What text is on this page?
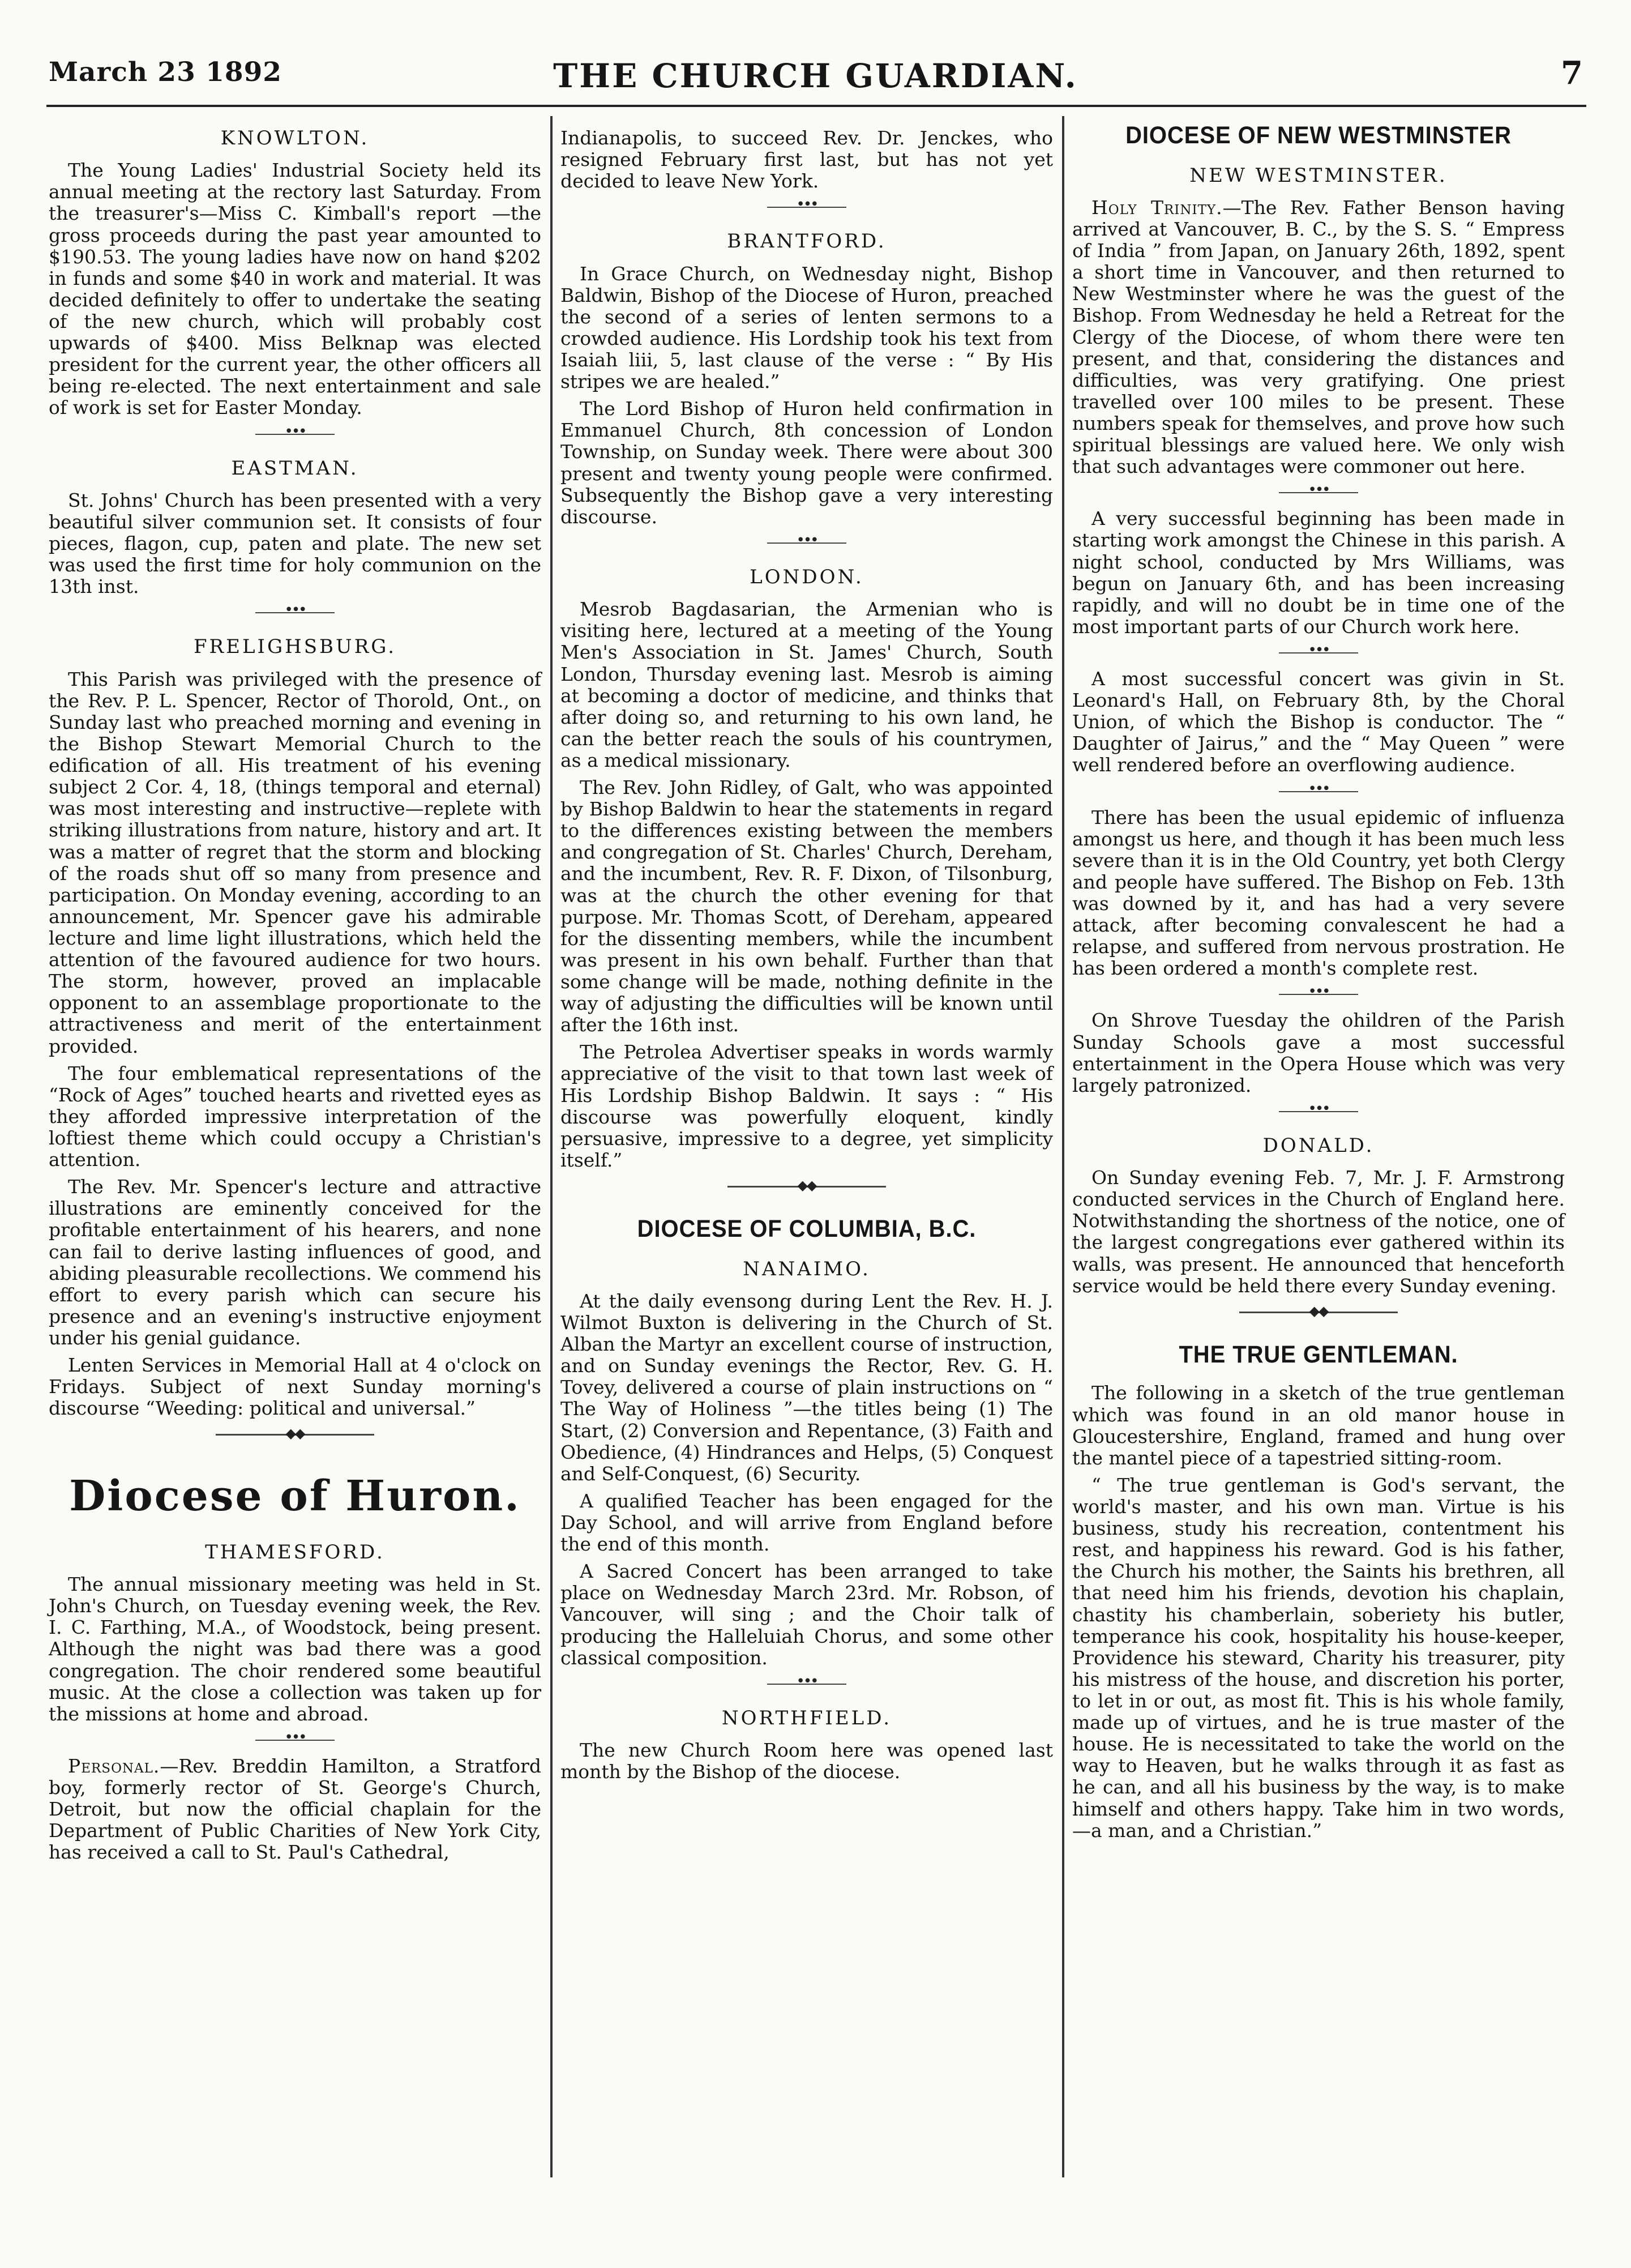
March 23 1892	THE CHURCH GUARDIAN.	7
KNOWLTON.

The Young Ladies' Industrial Society held its annual meeting at the rectory last Saturday. From the treasurer's—Miss C. Kimball's report —the gross proceeds during the past year amounted to $190.53. The young ladies have now on hand $202 in funds and some $40 in work and material. It was decided definitely to offer to undertake the seating of the new church, which will probably cost upwards of $400. Miss Belknap was elected president for the current year, the other officers all being re-elected. The next entertainment and sale of work is set for Easter Monday.

•••
EASTMAN.

St. Johns' Church has been presented with a very beautiful silver communion set. It consists of four pieces, flagon, cup, paten and plate. The new set was used the first time for holy communion on the 13th inst.

•••
FRELIGHSBURG.

This Parish was privileged with the presence of the Rev. P. L. Spencer, Rector of Thorold, Ont., on Sunday last who preached morning and evening in the Bishop Stewart Memorial Church to the edification of all. His treatment of his evening subject 2 Cor. 4, 18, (things temporal and eternal) was most interesting and instructive—replete with striking illustrations from nature, history and art. It was a matter of regret that the storm and blocking of the roads shut off so many from presence and participation. On Monday evening, according to an announcement, Mr. Spencer gave his admirable lecture and lime light illustrations, which held the attention of the favoured audience for two hours. The storm, however, proved an implacable opponent to an assemblage proportionate to the attractiveness and merit of the entertainment provided.

The four emblematical representations of the “Rock of Ages” touched hearts and rivetted eyes as they afforded impressive interpretation of the loftiest theme which could occupy a Christian's attention.

The Rev. Mr. Spencer's lecture and attractive illustrations are eminently conceived for the profitable entertainment of his hearers, and none can fail to derive lasting influences of good, and abiding pleasurable recollections. We commend his effort to every parish which can secure his presence and an evening's instructive enjoyment under his genial guidance.

Lenten Services in Memorial Hall at 4 o'clock on Fridays. Subject of next Sunday morning's discourse “Weeding: political and universal.”

◆◆
Diocese of Huron.
THAMESFORD.

The annual missionary meeting was held in St. John's Church, on Tuesday evening week, the Rev. I. C. Farthing, M.A., of Woodstock, being present. Although the night was bad there was a good congregation. The choir rendered some beautiful music. At the close a collection was taken up for the missions at home and abroad.

•••

Personal.—Rev. Breddin Hamilton, a Stratford boy, formerly rector of St. George's Church, Detroit, but now the official chaplain for the Department of Public Charities of New York City, has received a call to St. Paul's Cathedral,

Indianapolis, to succeed Rev. Dr. Jenckes, who resigned February first last, but has not yet decided to leave New York.

•••
BRANTFORD.

In Grace Church, on Wednesday night, Bishop Baldwin, Bishop of the Diocese of Huron, preached the second of a series of lenten sermons to a crowded audience. His Lordship took his text from Isaiah liii, 5, last clause of the verse : “ By His stripes we are healed.”

The Lord Bishop of Huron held confirmation in Emmanuel Church, 8th concession of London Township, on Sunday week. There were about 300 present and twenty young people were confirmed. Subsequently the Bishop gave a very interesting discourse.

•••
LONDON.

Mesrob Bagdasarian, the Armenian who is visiting here, lectured at a meeting of the Young Men's Association in St. James' Church, South London, Thursday evening last. Mesrob is aiming at becoming a doctor of medicine, and thinks that after doing so, and returning to his own land, he can the better reach the souls of his countrymen, as a medical missionary.

The Rev. John Ridley, of Galt, who was appointed by Bishop Baldwin to hear the statements in regard to the differences existing between the members and congregation of St. Charles' Church, Dereham, and the incumbent, Rev. R. F. Dixon, of Tilsonburg, was at the church the other evening for that purpose. Mr. Thomas Scott, of Dereham, appeared for the dissenting members, while the incumbent was present in his own behalf. Further than that some change will be made, nothing definite in the way of adjusting the difficulties will be known until after the 16th inst.

The Petrolea Advertiser speaks in words warmly appreciative of the visit to that town last week of His Lordship Bishop Baldwin. It says : “ His discourse was powerfully eloquent, kindly persuasive, impressive to a degree, yet simplicity itself.”

◆◆
DIOCESE OF COLUMBIA, B.C.
NANAIMO.

At the daily evensong during Lent the Rev. H. J. Wilmot Buxton is delivering in the Church of St. Alban the Martyr an excellent course of instruction, and on Sunday evenings the Rector, Rev. G. H. Tovey, delivered a course of plain instructions on “ The Way of Holiness ”—the titles being (1) The Start, (2) Conversion and Repentance, (3) Faith and Obedience, (4) Hindrances and Helps, (5) Conquest and Self-Conquest, (6) Security.

A qualified Teacher has been engaged for the Day School, and will arrive from England before the end of this month.

A Sacred Concert has been arranged to take place on Wednesday March 23rd. Mr. Robson, of Vancouver, will sing ; and the Choir talk of producing the Halleluiah Chorus, and some other classical composition.

•••
NORTHFIELD.

The new Church Room here was opened last month by the Bishop of the diocese.

DIOCESE OF NEW WESTMINSTER
NEW WESTMINSTER.

Holy Trinity.—The Rev. Father Benson having arrived at Vancouver, B. C., by the S. S. “ Empress of India ” from Japan, on January 26th, 1892, spent a short time in Vancouver, and then returned to New Westminster where he was the guest of the Bishop. From Wednesday he held a Retreat for the Clergy of the Diocese, of whom there were ten present, and that, considering the distances and difficulties, was very gratifying. One priest travelled over 100 miles to be present. These numbers speak for themselves, and prove how such spiritual blessings are valued here. We only wish that such advantages were commoner out here.

•••

A very successful beginning has been made in starting work amongst the Chinese in this parish. A night school, conducted by Mrs Williams, was begun on January 6th, and has been increasing rapidly, and will no doubt be in time one of the most important parts of our Church work here.

•••

A most successful concert was givin in St. Leonard's Hall, on February 8th, by the Choral Union, of which the Bishop is conductor. The “ Daughter of Jairus,” and the “ May Queen ” were well rendered before an overflowing audience.

•••

There has been the usual epidemic of influenza amongst us here, and though it has been much less severe than it is in the Old Country, yet both Clergy and people have suffered. The Bishop on Feb. 13th was downed by it, and has had a very severe attack, after becoming convalescent he had a relapse, and suffered from nervous prostration. He has been ordered a month's complete rest.

•••

On Shrove Tuesday the ohildren of the Parish Sunday Schools gave a most successful entertainment in the Opera House which was very largely patronized.

•••
DONALD.

On Sunday evening Feb. 7, Mr. J. F. Armstrong conducted services in the Church of England here. Notwithstanding the shortness of the notice, one of the largest congregations ever gathered within its walls, was present. He announced that henceforth service would be held there every Sunday evening.

◆◆
THE TRUE GENTLEMAN.

The following in a sketch of the true gentleman which was found in an old manor house in Gloucestershire, England, framed and hung over the mantel piece of a tapestried sitting-room.

“ The true gentleman is God's servant, the world's master, and his own man. Virtue is his business, study his recreation, contentment his rest, and happiness his reward. God is his father, the Church his mother, the Saints his brethren, all that need him his friends, devotion his chaplain, chastity his chamberlain, soberiety his butler, temperance his cook, hospitality his house-keeper, Providence his steward, Charity his treasurer, pity his mistress of the house, and discretion his porter, to let in or out, as most fit. This is his whole family, made up of virtues, and he is true master of the house. He is necessitated to take the world on the way to Heaven, but he walks through it as fast as he can, and all his business by the way, is to make himself and others happy. Take him in two words, —a man, and a Christian.”
